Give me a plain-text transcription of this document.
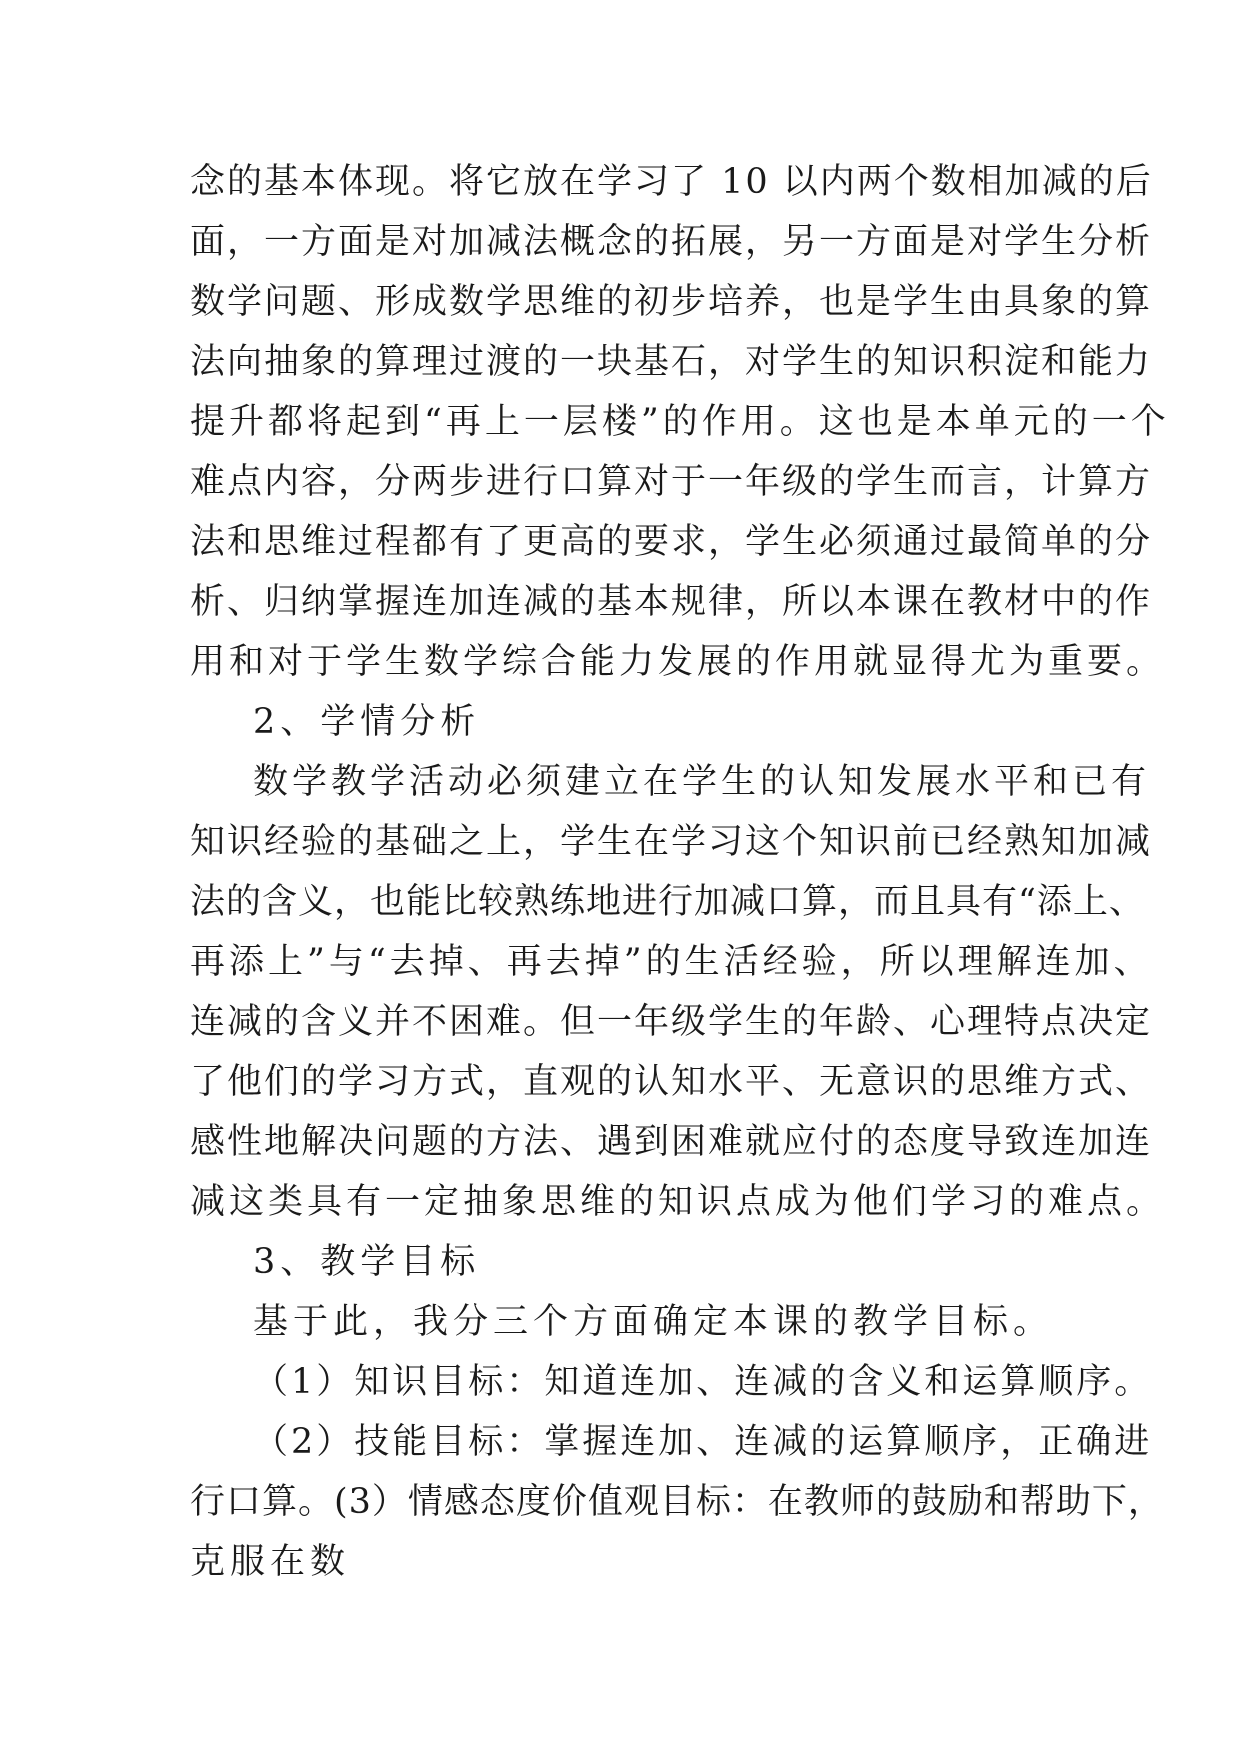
念的基本体现。将它放在学习了 10 以内两个数相加减的后
面，一方面是对加减法概念的拓展，另一方面是对学生分析
数学问题、形成数学思维的初步培养，也是学生由具象的算
法向抽象的算理过渡的一块基石，对学生的知识积淀和能力
提升都将起到“再上一层楼”的作用。这也是本单元的一个
难点内容，分两步进行口算对于一年级的学生而言，计算方
法和思维过程都有了更高的要求，学生必须通过最简单的分
析、归纳掌握连加连减的基本规律，所以本课在教材中的作
用和对于学生数学综合能力发展的作用就显得尤为重要。
2、学情分析
数学教学活动必须建立在学生的认知发展水平和已有
知识经验的基础之上，学生在学习这个知识前已经熟知加减
法的含义，也能比较熟练地进行加减口算，而且具有“添上、
再添上”与“去掉、再去掉”的生活经验，所以理解连加、
连减的含义并不困难。但一年级学生的年龄、心理特点决定
了他们的学习方式，直观的认知水平、无意识的思维方式、
感性地解决问题的方法、遇到困难就应付的态度导致连加连
减这类具有一定抽象思维的知识点成为他们学习的难点。
3、教学目标
基于此，我分三个方面确定本课的教学目标。
（1）知识目标：知道连加、连减的含义和运算顺序。
（2）技能目标：掌握连加、连减的运算顺序，正确进
行口算。(3）情感态度价值观目标：在教师的鼓励和帮助下，
克服在数
